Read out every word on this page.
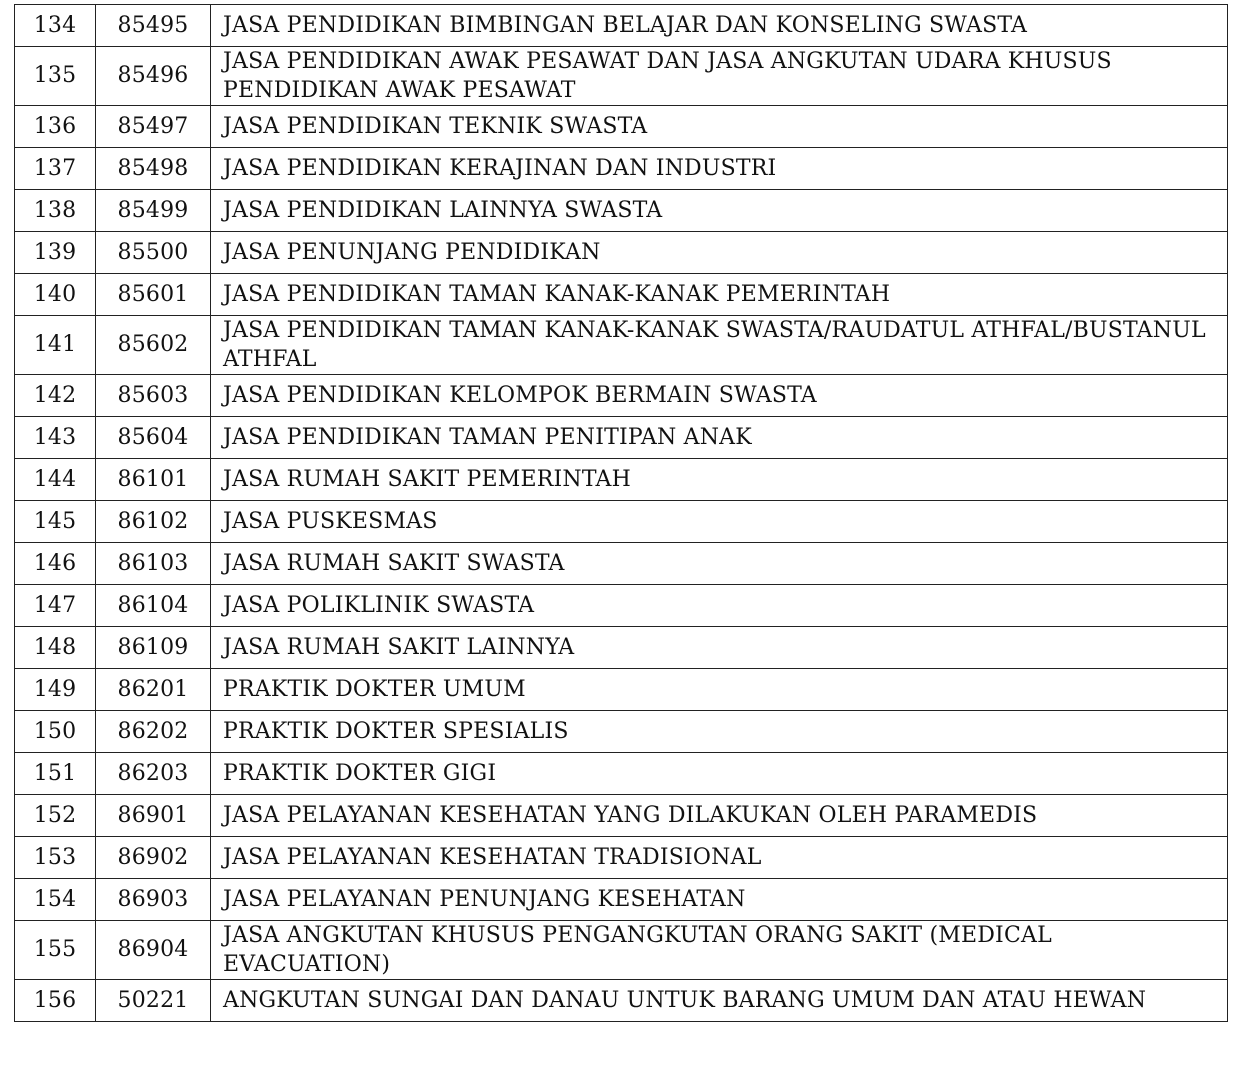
134	85495	JASA PENDIDIKAN BIMBINGAN BELAJAR DAN KONSELING SWASTA
135	85496	JASA PENDIDIKAN AWAK PESAWAT DAN JASA ANGKUTAN UDARA KHUSUS PENDIDIKAN AWAK PESAWAT
136	85497	JASA PENDIDIKAN TEKNIK SWASTA
137	85498	JASA PENDIDIKAN KERAJINAN DAN INDUSTRI
138	85499	JASA PENDIDIKAN LAINNYA SWASTA
139	85500	JASA PENUNJANG PENDIDIKAN
140	85601	JASA PENDIDIKAN TAMAN KANAK-KANAK PEMERINTAH
141	85602	JASA PENDIDIKAN TAMAN KANAK-KANAK SWASTA/RAUDATUL ATHFAL/BUSTANUL ATHFAL
142	85603	JASA PENDIDIKAN KELOMPOK BERMAIN SWASTA
143	85604	JASA PENDIDIKAN TAMAN PENITIPAN ANAK
144	86101	JASA RUMAH SAKIT PEMERINTAH
145	86102	JASA PUSKESMAS
146	86103	JASA RUMAH SAKIT SWASTA
147	86104	JASA POLIKLINIK SWASTA
148	86109	JASA RUMAH SAKIT LAINNYA
149	86201	PRAKTIK DOKTER UMUM
150	86202	PRAKTIK DOKTER SPESIALIS
151	86203	PRAKTIK DOKTER GIGI
152	86901	JASA PELAYANAN KESEHATAN YANG DILAKUKAN OLEH PARAMEDIS
153	86902	JASA PELAYANAN KESEHATAN TRADISIONAL
154	86903	JASA PELAYANAN PENUNJANG KESEHATAN
155	86904	JASA ANGKUTAN KHUSUS PENGANGKUTAN ORANG SAKIT (MEDICAL EVACUATION)
156	50221	ANGKUTAN SUNGAI DAN DANAU UNTUK BARANG UMUM DAN ATAU HEWAN
